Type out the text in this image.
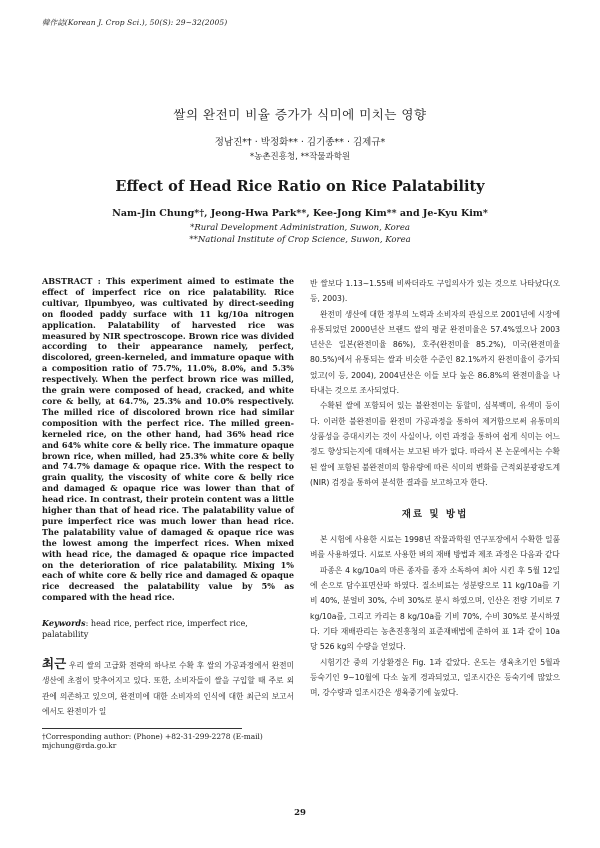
韓作誌(Korean J. Crop Sci.), 50(S): 29~32(2005)
쌀의 완전미 비율 증가가 식미에 미치는 영향
정남진*† · 박정화** · 김기종** · 김제규*
*농촌진흥청, **작물과학원
Effect of Head Rice Ratio on Rice Palatability
Nam-Jin Chung*†, Jeong-Hwa Park**, Kee-Jong Kim** and Je-Kyu Kim*
*Rural Development Administration, Suwon, Korea
**National Institute of Crop Science, Suwon, Korea

ABSTRACT : This experiment aimed to estimate the effect of imperfect rice on rice palatability. Rice cultivar, Ilpumbyeo, was cultivated by direct-seeding on flooded paddy surface with 11 kg/10a nitrogen application. Palatability of harvested rice was measured by NIR spectroscope. Brown rice was divided according to their appearance namely, perfect, discolored, green-kerneled, and immature opaque with a composition ratio of 75.7%, 11.0%, 8.0%, and 5.3% respectively. When the perfect brown rice was milled, the grain were composed of head, cracked, and white core & belly, at 64.7%, 25.3% and 10.0% respectively. The milled rice of discolored brown rice had similar composition with the perfect rice. The milled green-kerneled rice, on the other hand, had 36% head rice and 64% white core & belly rice. The immature opaque brown rice, when milled, had 25.3% white core & belly and 74.7% damage & opaque rice. With the respect to grain quality, the viscosity of white core & belly rice and damaged & opaque rice was lower than that of head rice. In contrast, their protein content was a little higher than that of head rice. The palatability value of pure imperfect rice was much lower than head rice. The palatability value of damaged & opaque rice was the lowest among the imperfect rices. When mixed with head rice, the damaged & opaque rice impacted on the deterioration of rice palatability. Mixing 1% each of white core & belly rice and damaged & opaque rice decreased the palatability value by 5% as compared with the head rice.

Keywords: head rice, perfect rice, imperfect rice, palatability
최근 우리 쌀의 고급화 전략의 하나로 수확 후 쌀의 가공과정에서 완전미 생산에 초점이 맞추어지고 있다. 또한, 소비자들이 쌀을 구입할 때 주로 외관에 의존하고 있으며, 완전미에 대한 소비자의 인식에 대한 최근의 보고서에서도 완전미가 일
†Corresponding author: (Phone) +82-31-299-2278 (E-mail) mjchung@rda.go.kr

반 쌀보다 1.13~1.55배 비싸더라도 구입의사가 있는 것으로 나타났다(오 등, 2003).

완전미 생산에 대한 정부의 노력과 소비자의 관심으로 2001년에 시장에 유통되었던 2000년산 브랜드 쌀의 평균 완전미율은 57.4%였으나 2003년산은 일본(완전미율 86%), 호주(완전미율 85.2%), 미국(완전미율 80.5%)에서 유통되는 쌀과 비슷한 수준인 82.1%까지 완전미율이 증가되었고(이 등, 2004), 2004년산은 이들 보다 높은 86.8%의 완전미율을 나타내는 것으로 조사되었다.

수확된 쌀에 포함되어 있는 불완전미는 동할미, 심복백미, 유색미 등이다. 이러한 불완전미를 완전미 가공과정을 통하여 제거함으로써 유통미의 상품성을 증대시키는 것이 사실이나, 이런 과정을 통하여 쉽게 식미는 어느 정도 향상되는지에 대해서는 보고된 바가 없다. 따라서 본 논문에서는 수확된 쌀에 포함된 불완전미의 함유량에 따른 식미의 변화를 근적외분광광도계(NIR) 검정을 통하여 분석한 결과를 보고하고자 한다.

재료 및 방법

본 시험에 사용한 시료는 1998년 작물과학원 연구포장에서 수확한 일품벼를 사용하였다. 시료로 사용한 벼의 재배 방법과 제조 과정은 다음과 같다

파종은 4 kg/10a의 마른 종자를 종자 소독하여 최아 시킨 후 5월 12일에 손으로 담수표면산파 하였다. 질소비료는 성분량으로 11 kg/10a를 기비 40%, 분얼비 30%, 수비 30%로 분시 하였으며, 인산은 전량 기비로 7 kg/10a를, 그리고 카리는 8 kg/10a를 기비 70%, 수비 30%로 분시하였다. 기타 재배관리는 농촌진흥청의 표준재배법에 준하여 표 1과 같이 10a당 526 kg의 수량을 얻었다.

시험기간 중의 기상환경은 Fig. 1과 같았다. 온도는 생육초기인 5월과 등숙기인 9~10월에 다소 높게 경과되었고, 일조시간은 등숙기에 많았으며, 강수량과 일조시간은 생육중기에 높았다.

29
